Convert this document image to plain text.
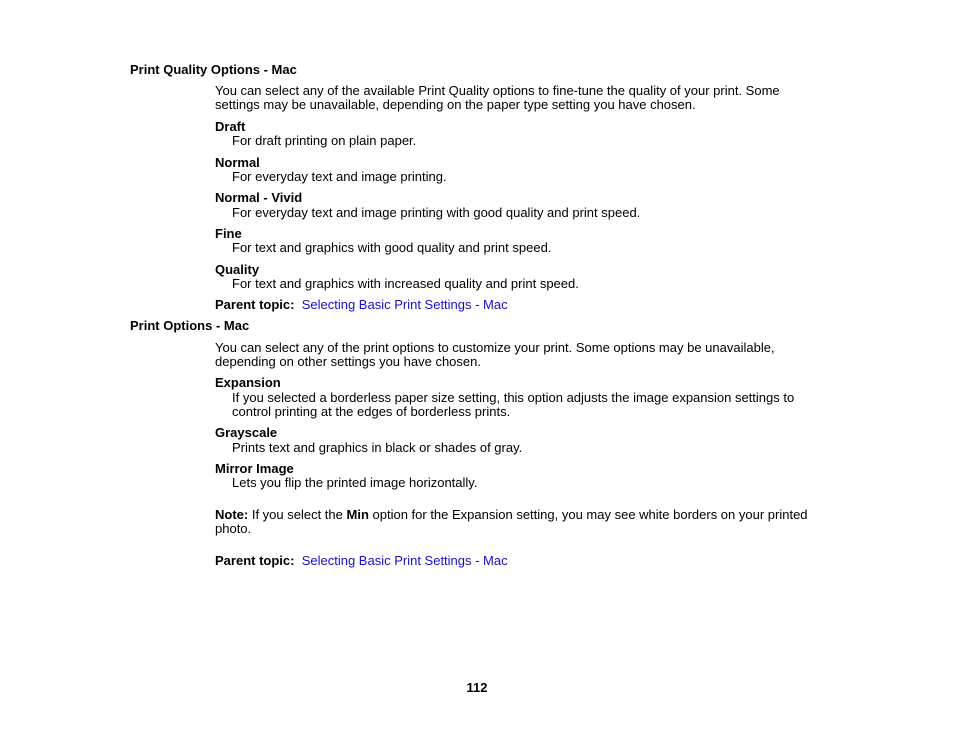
Print Quality Options - Mac
You can select any of the available Print Quality options to fine-tune the quality of your print. Some
settings may be unavailable, depending on the paper type setting you have chosen.
Draft
For draft printing on plain paper.
Normal
For everyday text and image printing.
Normal - Vivid
For everyday text and image printing with good quality and print speed.
Fine
For text and graphics with good quality and print speed.
Quality
For text and graphics with increased quality and print speed.
Parent topic:  Selecting Basic Print Settings - Mac
Print Options - Mac
You can select any of the print options to customize your print. Some options may be unavailable,
depending on other settings you have chosen.
Expansion
If you selected a borderless paper size setting, this option adjusts the image expansion settings to
control printing at the edges of borderless prints.
Grayscale
Prints text and graphics in black or shades of gray.
Mirror Image
Lets you flip the printed image horizontally.
Note: If you select the Min option for the Expansion setting, you may see white borders on your printed
photo.
Parent topic:  Selecting Basic Print Settings - Mac
112
